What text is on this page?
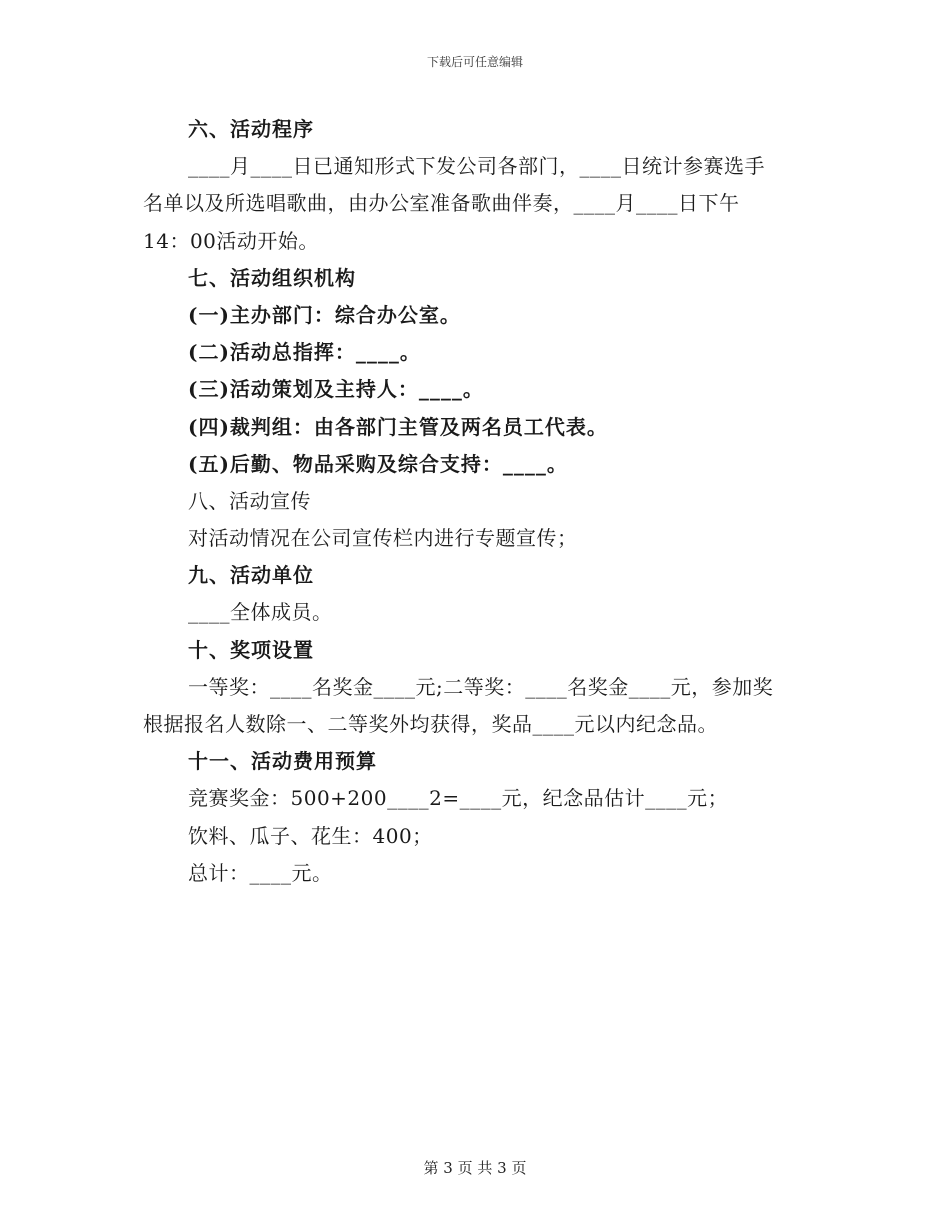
下载后可任意编辑
六、活动程序
____月____日已通知形式下发公司各部门，____日统计参赛选手
名单以及所选唱歌曲，由办公室准备歌曲伴奏，____月____日下午
14：00活动开始。
七、活动组织机构
(一)主办部门：综合办公室。
(二)活动总指挥：____。
(三)活动策划及主持人：____。
(四)裁判组：由各部门主管及两名员工代表。
(五)后勤、物品采购及综合支持：____。
八、活动宣传
对活动情况在公司宣传栏内进行专题宣传；
九、活动单位
____全体成员。
十、奖项设置
一等奖：____名奖金____元;二等奖：____名奖金____元，参加奖
根据报名人数除一、二等奖外均获得，奖品____元以内纪念品。
十一、活动费用预算
竞赛奖金：500+200____2=____元，纪念品估计____元；
饮料、瓜子、花生：400；
总计：____元。
第 3 页 共 3 页
